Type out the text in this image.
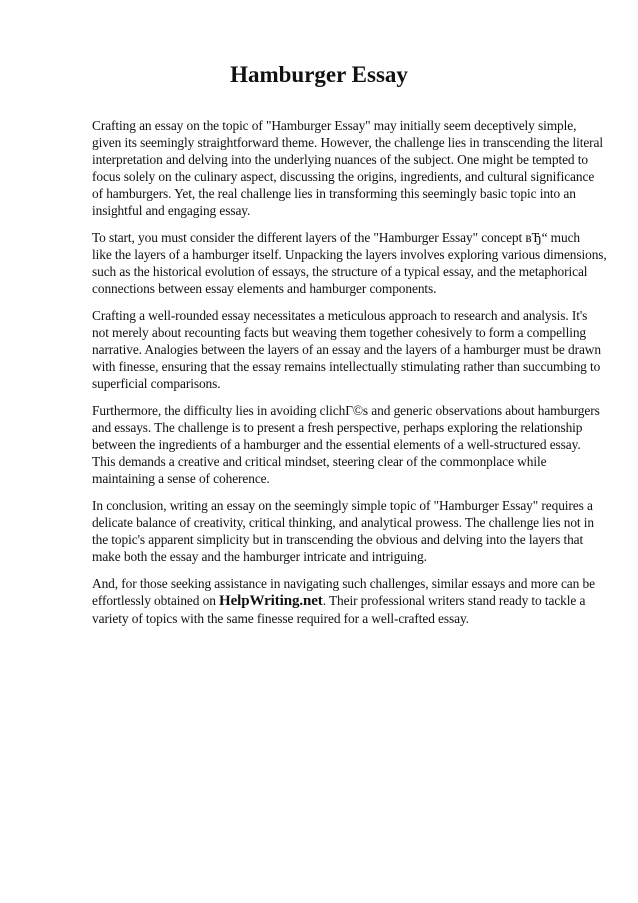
Hamburger Essay

Crafting an essay on the topic of "Hamburger Essay" may initially seem deceptively simple,
given its seemingly straightforward theme. However, the challenge lies in transcending the literal
interpretation and delving into the underlying nuances of the subject. One might be tempted to
focus solely on the culinary aspect, discussing the origins, ingredients, and cultural significance
of hamburgers. Yet, the real challenge lies in transforming this seemingly basic topic into an
insightful and engaging essay.

To start, you must consider the different layers of the "Hamburger Essay" concept вЂ“ much
like the layers of a hamburger itself. Unpacking the layers involves exploring various dimensions,
such as the historical evolution of essays, the structure of a typical essay, and the metaphorical
connections between essay elements and hamburger components.

Crafting a well-rounded essay necessitates a meticulous approach to research and analysis. It's
not merely about recounting facts but weaving them together cohesively to form a compelling
narrative. Analogies between the layers of an essay and the layers of a hamburger must be drawn
with finesse, ensuring that the essay remains intellectually stimulating rather than succumbing to
superficial comparisons.

Furthermore, the difficulty lies in avoiding clichГ©s and generic observations about hamburgers
and essays. The challenge is to present a fresh perspective, perhaps exploring the relationship
between the ingredients of a hamburger and the essential elements of a well-structured essay.
This demands a creative and critical mindset, steering clear of the commonplace while
maintaining a sense of coherence.

In conclusion, writing an essay on the seemingly simple topic of "Hamburger Essay" requires a
delicate balance of creativity, critical thinking, and analytical prowess. The challenge lies not in
the topic's apparent simplicity but in transcending the obvious and delving into the layers that
make both the essay and the hamburger intricate and intriguing.

And, for those seeking assistance in navigating such challenges, similar essays and more can be
effortlessly obtained on HelpWriting.net. Their professional writers stand ready to tackle a
variety of topics with the same finesse required for a well-crafted essay.
